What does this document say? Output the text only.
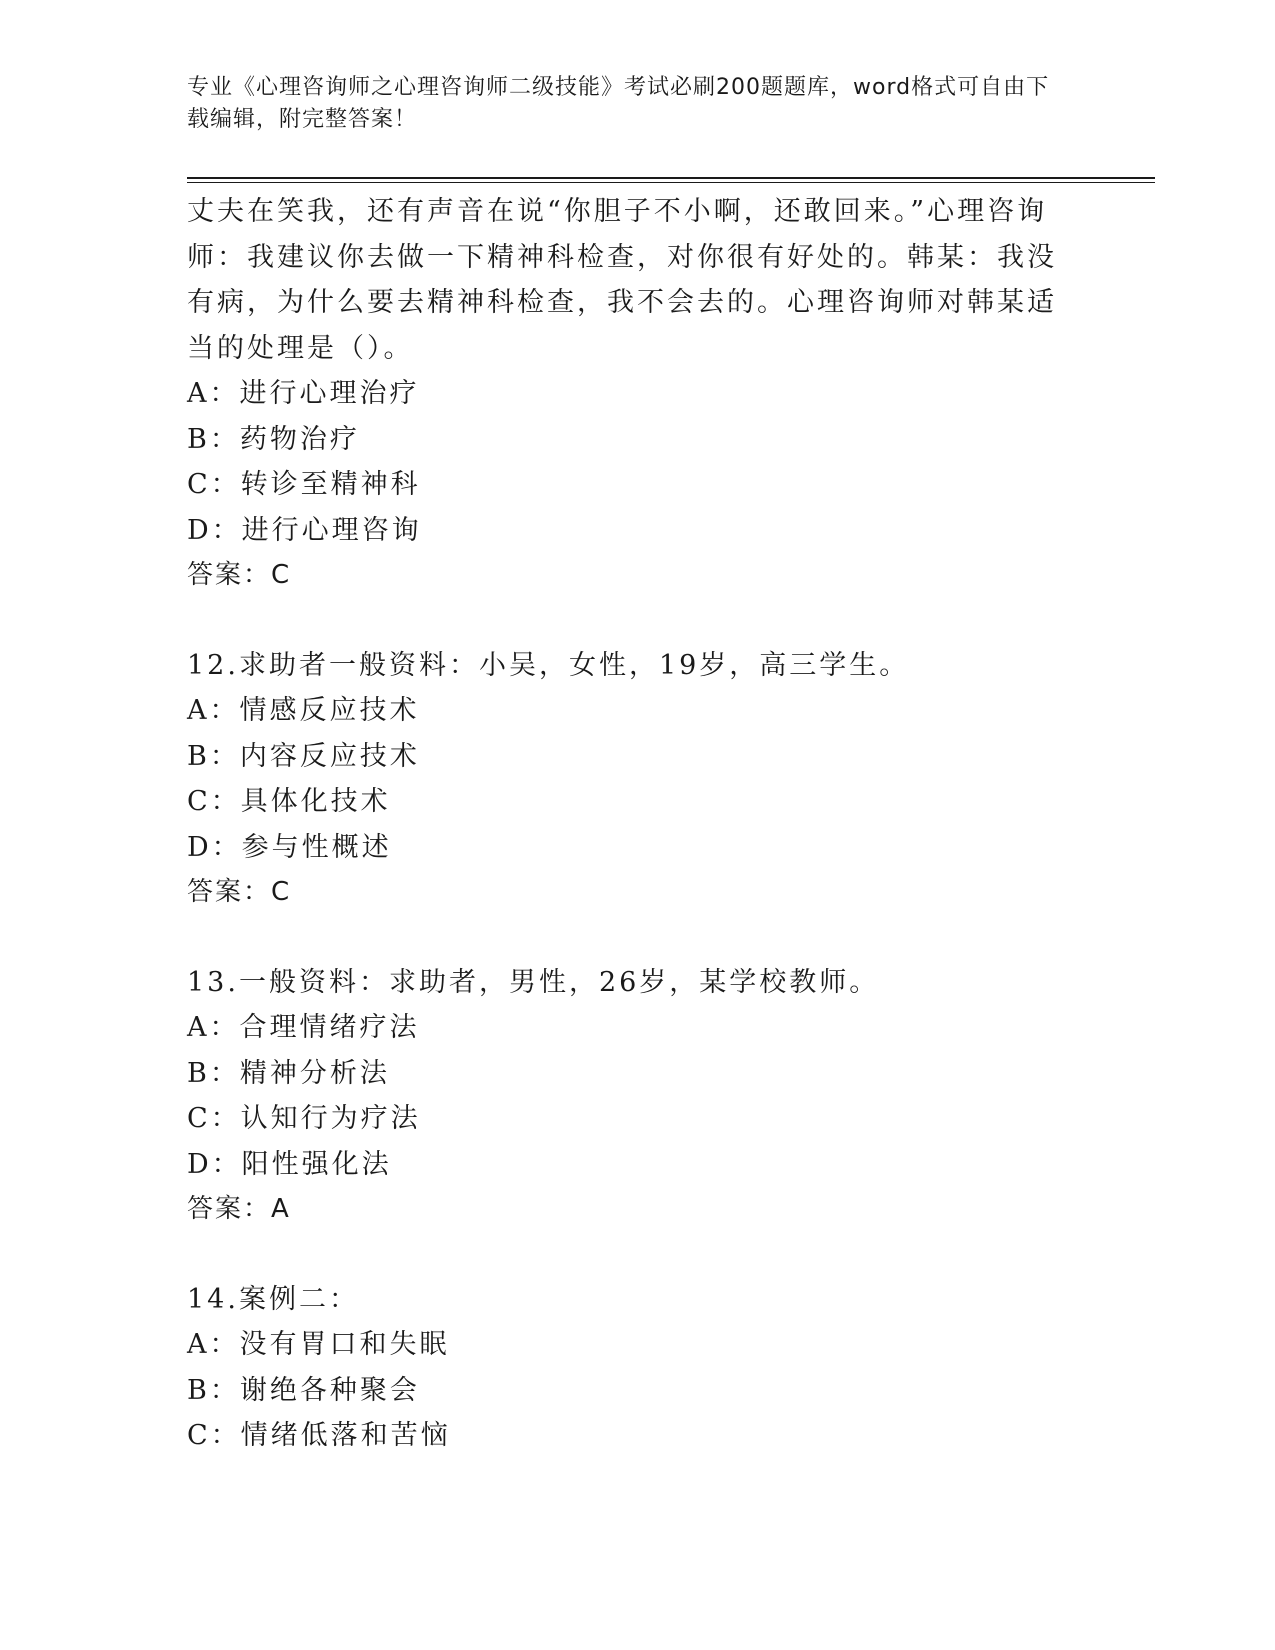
专业《心理咨询师之心理咨询师二级技能》考试必刷200题题库，word格式可自由下载编辑，附完整答案！

丈夫在笑我，还有声音在说“你胆子不小啊，还敢回来。”心理咨询师：我建议你去做一下精神科检查，对你很有好处的。韩某：我没有病，为什么要去精神科检查，我不会去的。心理咨询师对韩某适当的处理是（）。

A：进行心理治疗

B：药物治疗

C：转诊至精神科

D：进行心理咨询

答案：C

12.求助者一般资料：小吴，女性，19岁，高三学生。

A：情感反应技术

B：内容反应技术

C：具体化技术

D：参与性概述

答案：C

13.一般资料：求助者，男性，26岁，某学校教师。

A：合理情绪疗法

B：精神分析法

C：认知行为疗法

D：阳性强化法

答案：A

14.案例二：

A：没有胃口和失眠

B：谢绝各种聚会

C：情绪低落和苦恼
